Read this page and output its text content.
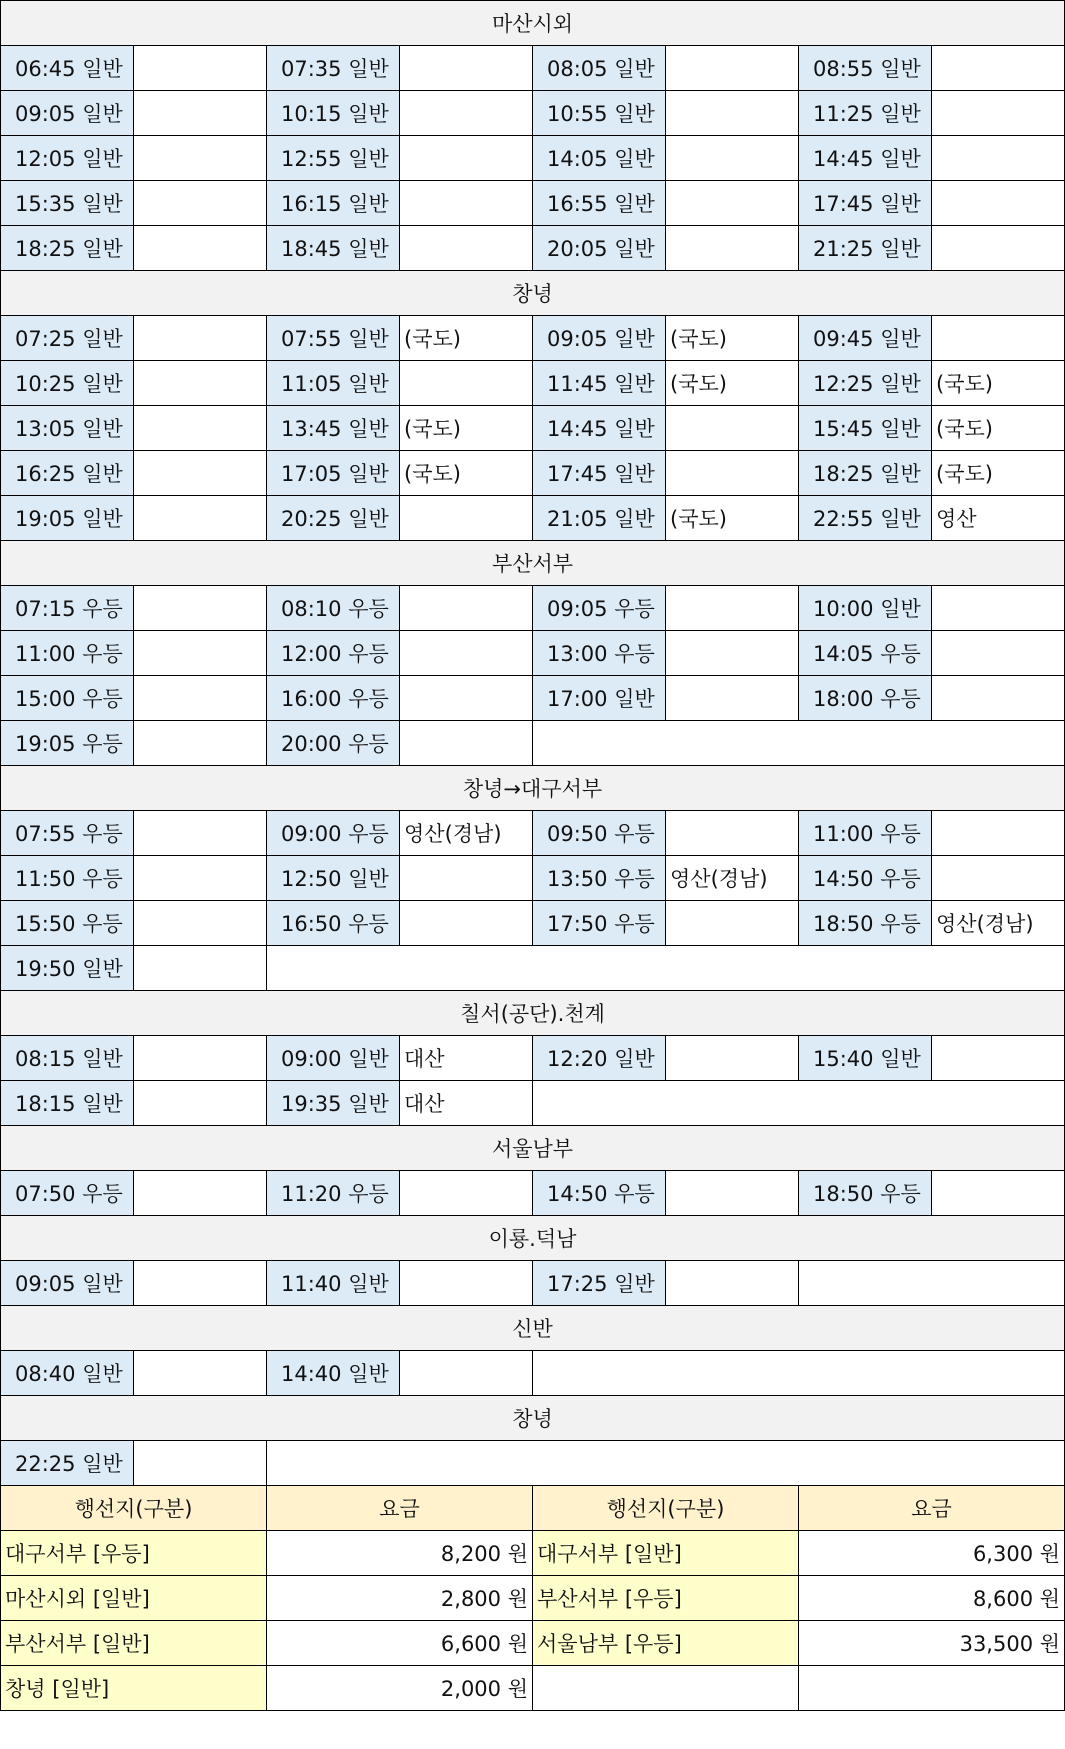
마산시외							
06:45 일반		07:35 일반		08:05 일반		08:55 일반	
09:05 일반		10:15 일반		10:55 일반		11:25 일반	
12:05 일반		12:55 일반		14:05 일반		14:45 일반	
15:35 일반		16:15 일반		16:55 일반		17:45 일반	
18:25 일반		18:45 일반		20:05 일반		21:25 일반	
창녕							
07:25 일반		07:55 일반	(국도)	09:05 일반	(국도)	09:45 일반	
10:25 일반		11:05 일반		11:45 일반	(국도)	12:25 일반	(국도)
13:05 일반		13:45 일반	(국도)	14:45 일반		15:45 일반	(국도)
16:25 일반		17:05 일반	(국도)	17:45 일반		18:25 일반	(국도)
19:05 일반		20:25 일반		21:05 일반	(국도)	22:55 일반	영산
부산서부							
07:15 우등		08:10 우등		09:05 우등		10:00 일반	
11:00 우등		12:00 우등		13:00 우등		14:05 우등	
15:00 우등		16:00 우등		17:00 일반		18:00 우등	
19:05 우등		20:00 우등					
창녕→대구서부							
07:55 우등		09:00 우등	영산(경남)	09:50 우등		11:00 우등	
11:50 우등		12:50 일반		13:50 우등	영산(경남)	14:50 우등	
15:50 우등		16:50 우등		17:50 우등		18:50 우등	영산(경남)
19:50 일반							
칠서(공단).천계							
08:15 일반		09:00 일반	대산	12:20 일반		15:40 일반	
18:15 일반		19:35 일반	대산				
서울남부							
07:50 우등		11:20 우등		14:50 우등		18:50 우등	
이룡.덕남							
09:05 일반		11:40 일반		17:25 일반			
신반							
08:40 일반		14:40 일반					
창녕							
22:25 일반							
행선지(구분)		요금		행선지(구분)		요금	
대구서부 [우등]		8,200 원		대구서부 [일반]		6,300 원	
마산시외 [일반]		2,800 원		부산서부 [우등]		8,600 원	
부산서부 [일반]		6,600 원		서울남부 [우등]		33,500 원	
창녕 [일반]		2,000 원					
